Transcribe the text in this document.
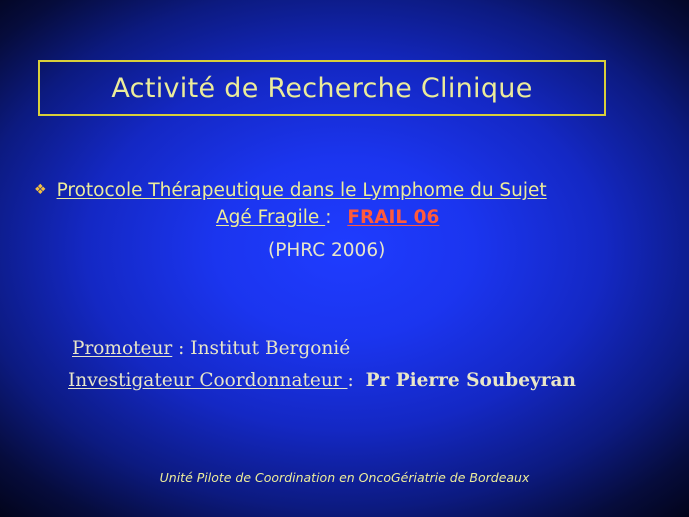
Activité de Recherche Clinique
❖ Protocole Thérapeutique dans le Lymphome du Sujet
Agé Fragile : FRAIL 06
(PHRC 2006)
Promoteur : Institut Bergonié
Investigateur Coordonnateur : Pr Pierre Soubeyran
Unité Pilote de Coordination en OncoGériatrie de Bordeaux
